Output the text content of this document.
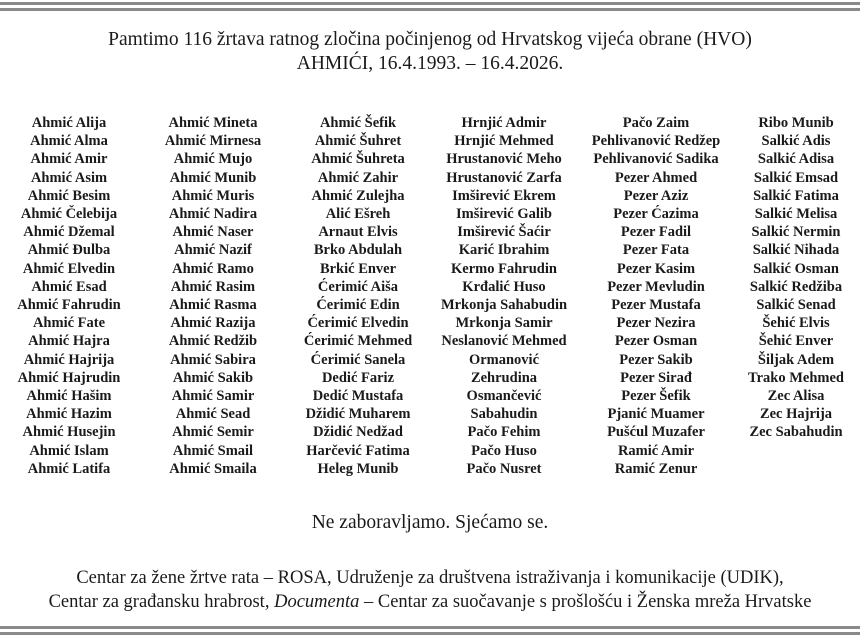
Pamtimo 116 žrtava ratnog zločina počinjenog od Hrvatskog vijeća obrane (HVO)
AHMIĆI, 16.4.1993. – 16.4.2026.
Ahmić Alija
Ahmić Alma
Ahmić Amir
Ahmić Asim
Ahmić Besim
Ahmić Čelebija
Ahmić Džemal
Ahmić Đulba
Ahmić Elvedin
Ahmić Esad
Ahmić Fahrudin
Ahmić Fate
Ahmić Hajra
Ahmić Hajrija
Ahmić Hajrudin
Ahmić Hašim
Ahmić Hazim
Ahmić Husejin
Ahmić Islam
Ahmić Latifa
Ahmić Mineta
Ahmić Mirnesa
Ahmić Mujo
Ahmić Munib
Ahmić Muris
Ahmić Nadira
Ahmić Naser
Ahmić Nazif
Ahmić Ramo
Ahmić Rasim
Ahmić Rasma
Ahmić Razija
Ahmić Redžib
Ahmić Sabira
Ahmić Sakib
Ahmić Samir
Ahmić Sead
Ahmić Semir
Ahmić Smail
Ahmić Smaila
Ahmić Šefik
Ahmić Šuhret
Ahmić Šuhreta
Ahmić Zahir
Ahmić Zulejha
Alić Ešreh
Arnaut Elvis
Brko Abdulah
Brkić Enver
Ćerimić Aiša
Ćerimić Edin
Ćerimić Elvedin
Ćerimić Mehmed
Ćerimić Sanela
Dedić Fariz
Dedić Mustafa
Džidić Muharem
Džidić Nedžad
Harčević Fatima
Heleg Munib
Hrnjić Admir
Hrnjić Mehmed
Hrustanović Meho
Hrustanović Zarfa
Imširević Ekrem
Imširević Galib
Imširević Šaćir
Karić Ibrahim
Kermo Fahrudin
Krđalić Huso
Mrkonja Sahabudin
Mrkonja Samir
Neslanović Mehmed
Ormanović
Zehrudina
Osmančević
Sabahudin
Pačo Fehim
Pačo Huso
Pačo Nusret
Pačo Zaim
Pehlivanović Redžep
Pehlivanović Sadika
Pezer Ahmed
Pezer Aziz
Pezer Ćazima
Pezer Fadil
Pezer Fata
Pezer Kasim
Pezer Mevludin
Pezer Mustafa
Pezer Nezira
Pezer Osman
Pezer Sakib
Pezer Sirađ
Pezer Šefik
Pjanić Muamer
Pušćul Muzafer
Ramić Amir
Ramić Zenur
Ribo Munib
Salkić Adis
Salkić Adisa
Salkić Emsad
Salkić Fatima
Salkić Melisa
Salkić Nermin
Salkić Nihada
Salkić Osman
Salkić Redžiba
Salkić Senad
Šehić Elvis
Šehić Enver
Šiljak Adem
Trako Mehmed
Zec Alisa
Zec Hajrija
Zec Sabahudin
Ne zaboravljamo. Sjećamo se.
Centar za žene žrtve rata – ROSA, Udruženje za društvena istraživanja i komunikacije (UDIK),
Centar za građansku hrabrost, Documenta – Centar za suočavanje s prošlošću i Ženska mreža Hrvatske
